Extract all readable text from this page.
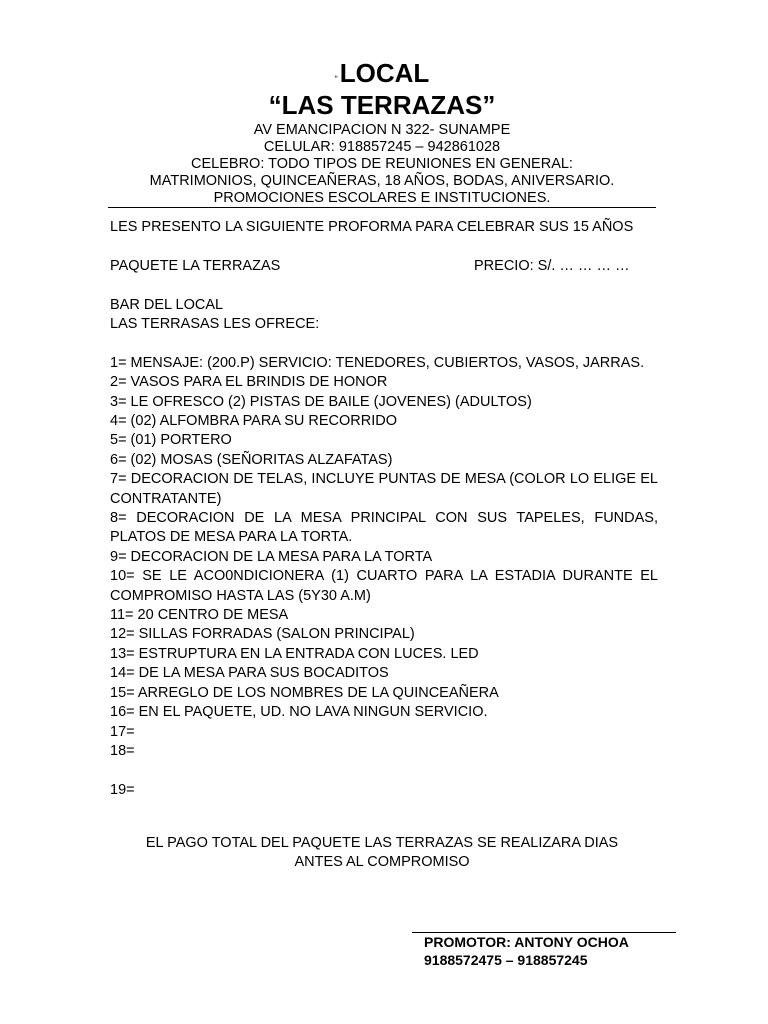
“LOCAL

“LAS TERRAZAS”

AV EMANCIPACION N 322- SUNAMPE

CELULAR: 918857245 – 942861028

CELEBRO: TODO TIPOS DE REUNIONES EN GENERAL:

MATRIMONIOS, QUINCEAÑERAS, 18 AÑOS, BODAS, ANIVERSARIO.

PROMOCIONES ESCOLARES E INSTITUCIONES.

LES PRESENTO LA SIGUIENTE PROFORMA PARA CELEBRAR SUS 15 AÑOS

PAQUETE LA TERRAZAS	PRECIO: S/. … … … …

BAR DEL LOCAL

LAS TERRASAS LES OFRECE:

1= MENSAJE: (200.P) SERVICIO: TENEDORES, CUBIERTOS, VASOS, JARRAS.

2= VASOS PARA EL BRINDIS DE HONOR

3= LE OFRESCO (2) PISTAS DE BAILE (JOVENES) (ADULTOS)

4= (02) ALFOMBRA PARA SU RECORRIDO

5= (01) PORTERO

6= (02) MOSAS (SEÑORITAS ALZAFATAS)

7= DECORACION DE TELAS, INCLUYE PUNTAS DE MESA (COLOR LO ELIGE EL CONTRATANTE)

8= DECORACION DE LA MESA PRINCIPAL CON SUS TAPELES, FUNDAS, PLATOS DE MESA PARA LA TORTA.

9= DECORACION DE LA MESA PARA LA TORTA

10= SE LE ACO0NDICIONERA (1) CUARTO PARA LA ESTADIA DURANTE EL COMPROMISO HASTA LAS (5Y30 A.M)

11= 20 CENTRO DE MESA

12= SILLAS FORRADAS (SALON PRINCIPAL)

13= ESTRUPTURA EN LA ENTRADA CON LUCES. LED

14= DE LA MESA PARA SUS BOCADITOS

15= ARREGLO DE LOS NOMBRES DE LA QUINCEAÑERA

16= EN EL PAQUETE, UD. NO LAVA NINGUN SERVICIO.

17=

18=

19=

EL PAGO TOTAL DEL PAQUETE LAS TERRAZAS SE REALIZARA DIAS

ANTES AL COMPROMISO

PROMOTOR: ANTONY OCHOA

9188572475 – 918857245
